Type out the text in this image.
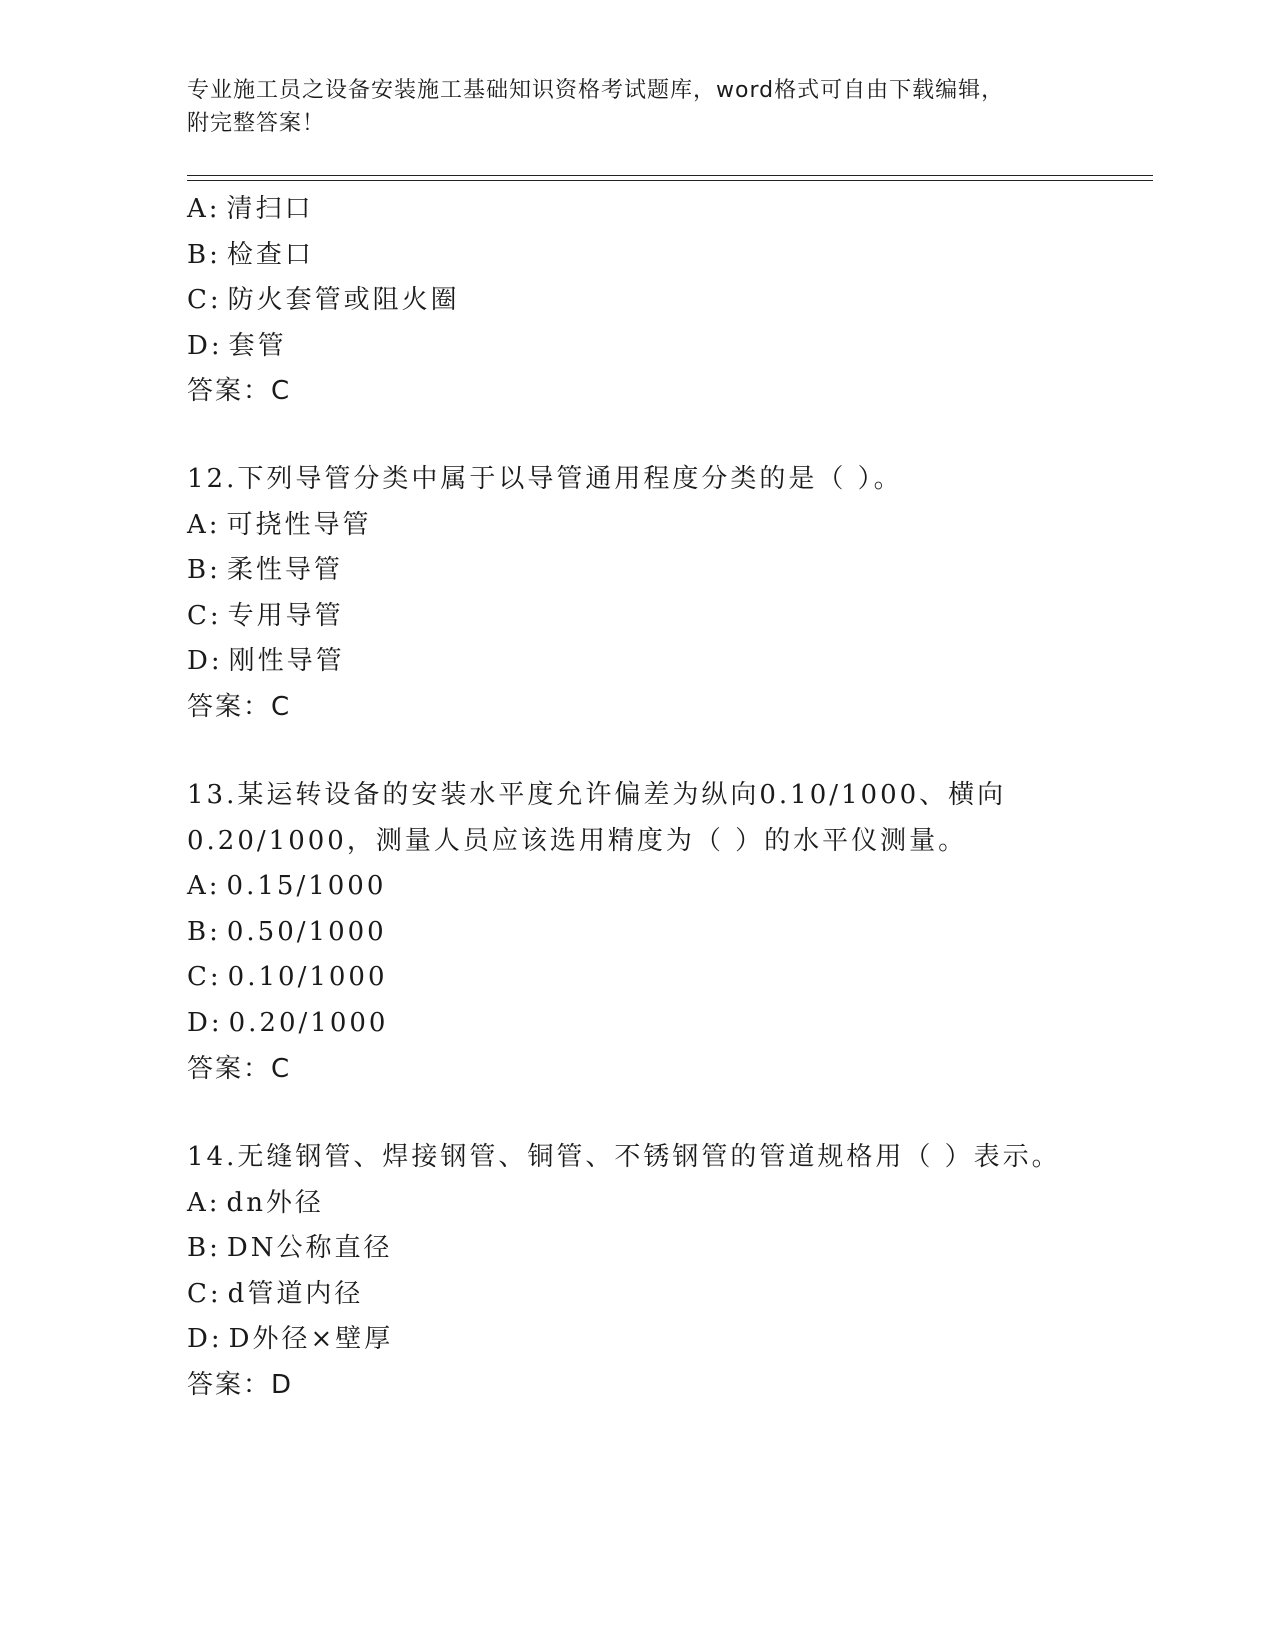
专业施工员之设备安装施工基础知识资格考试题库，word格式可自由下载编辑，
附完整答案！
A: 清扫口
B: 检查口
C: 防火套管或阻火圈
D: 套管
答案：C
12.下列导管分类中属于以导管通用程度分类的是（ ）。
A: 可挠性导管
B: 柔性导管
C: 专用导管
D: 刚性导管
答案：C
13.某运转设备的安装水平度允许偏差为纵向0.10/1000、横向
0.20/1000，测量人员应该选用精度为（ ）的水平仪测量。
A: 0.15/1000
B: 0.50/1000
C: 0.10/1000
D: 0.20/1000
答案：C
14.无缝钢管、焊接钢管、铜管、不锈钢管的管道规格用（ ）表示。
A: dn外径
B: DN公称直径
C: d管道内径
D: D外径×壁厚
答案：D
